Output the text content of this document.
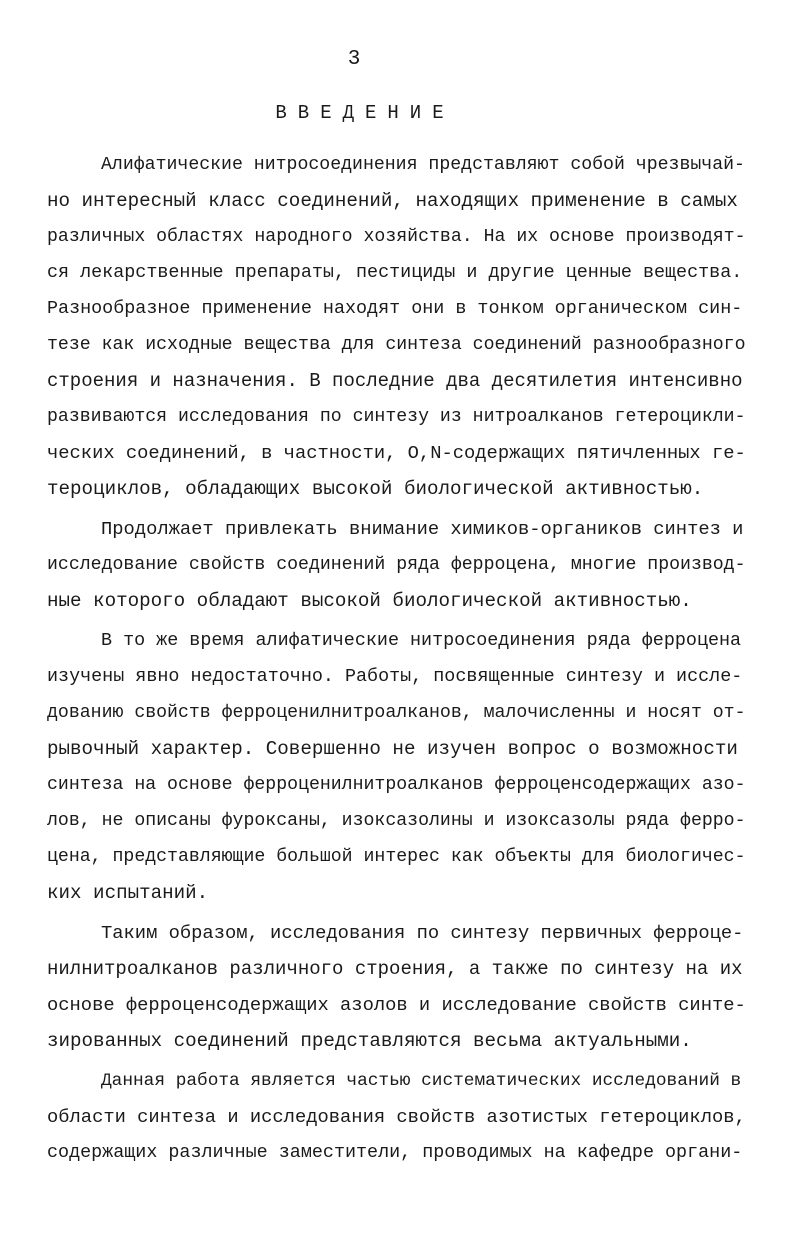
3
ВВЕДЕНИЕ
Алифатические нитросоединения представляют собой чрезвычай-
но интересный класс соединений, находящих применение в самых
различных областях народного хозяйства. На их основе производят-
ся лекарственные препараты, пестициды и другие ценные вещества.
Разнообразное применение находят они в тонком органическом син-
тезе как исходные вещества для синтеза соединений разнообразного
строения и назначения. В последние два десятилетия интенсивно
развиваются исследования по синтезу из нитроалканов гетероцикли-
ческих соединений, в частности, O,N-содержащих пятичленных ге-
тероциклов, обладающих высокой биологической активностью.
Продолжает привлекать внимание химиков-органиков синтез и
исследование свойств соединений ряда ферроцена, многие производ-
ные которого обладают высокой биологической активностью.
В то же время алифатические нитросоединения ряда ферроцена
изучены явно недостаточно. Работы, посвященные синтезу и иссле-
дованию свойств ферроценилнитроалканов, малочисленны и носят от-
рывочный характер. Совершенно не изучен вопрос о возможности
синтеза на основе ферроценилнитроалканов ферроценсодержащих азо-
лов, не описаны фуроксаны, изоксазолины и изоксазолы ряда ферро-
цена, представляющие большой интерес как объекты для биологичес-
ких испытаний.
Таким образом, исследования по синтезу первичных ферроце-
нилнитроалканов различного строения, а также по синтезу на их
основе ферроценсодержащих азолов и исследование свойств синте-
зированных соединений представляются весьма актуальными.
Данная работа является частью систематических исследований в
области синтеза и исследования свойств азотистых гетероциклов,
содержащих различные заместители, проводимых на кафедре органи-
